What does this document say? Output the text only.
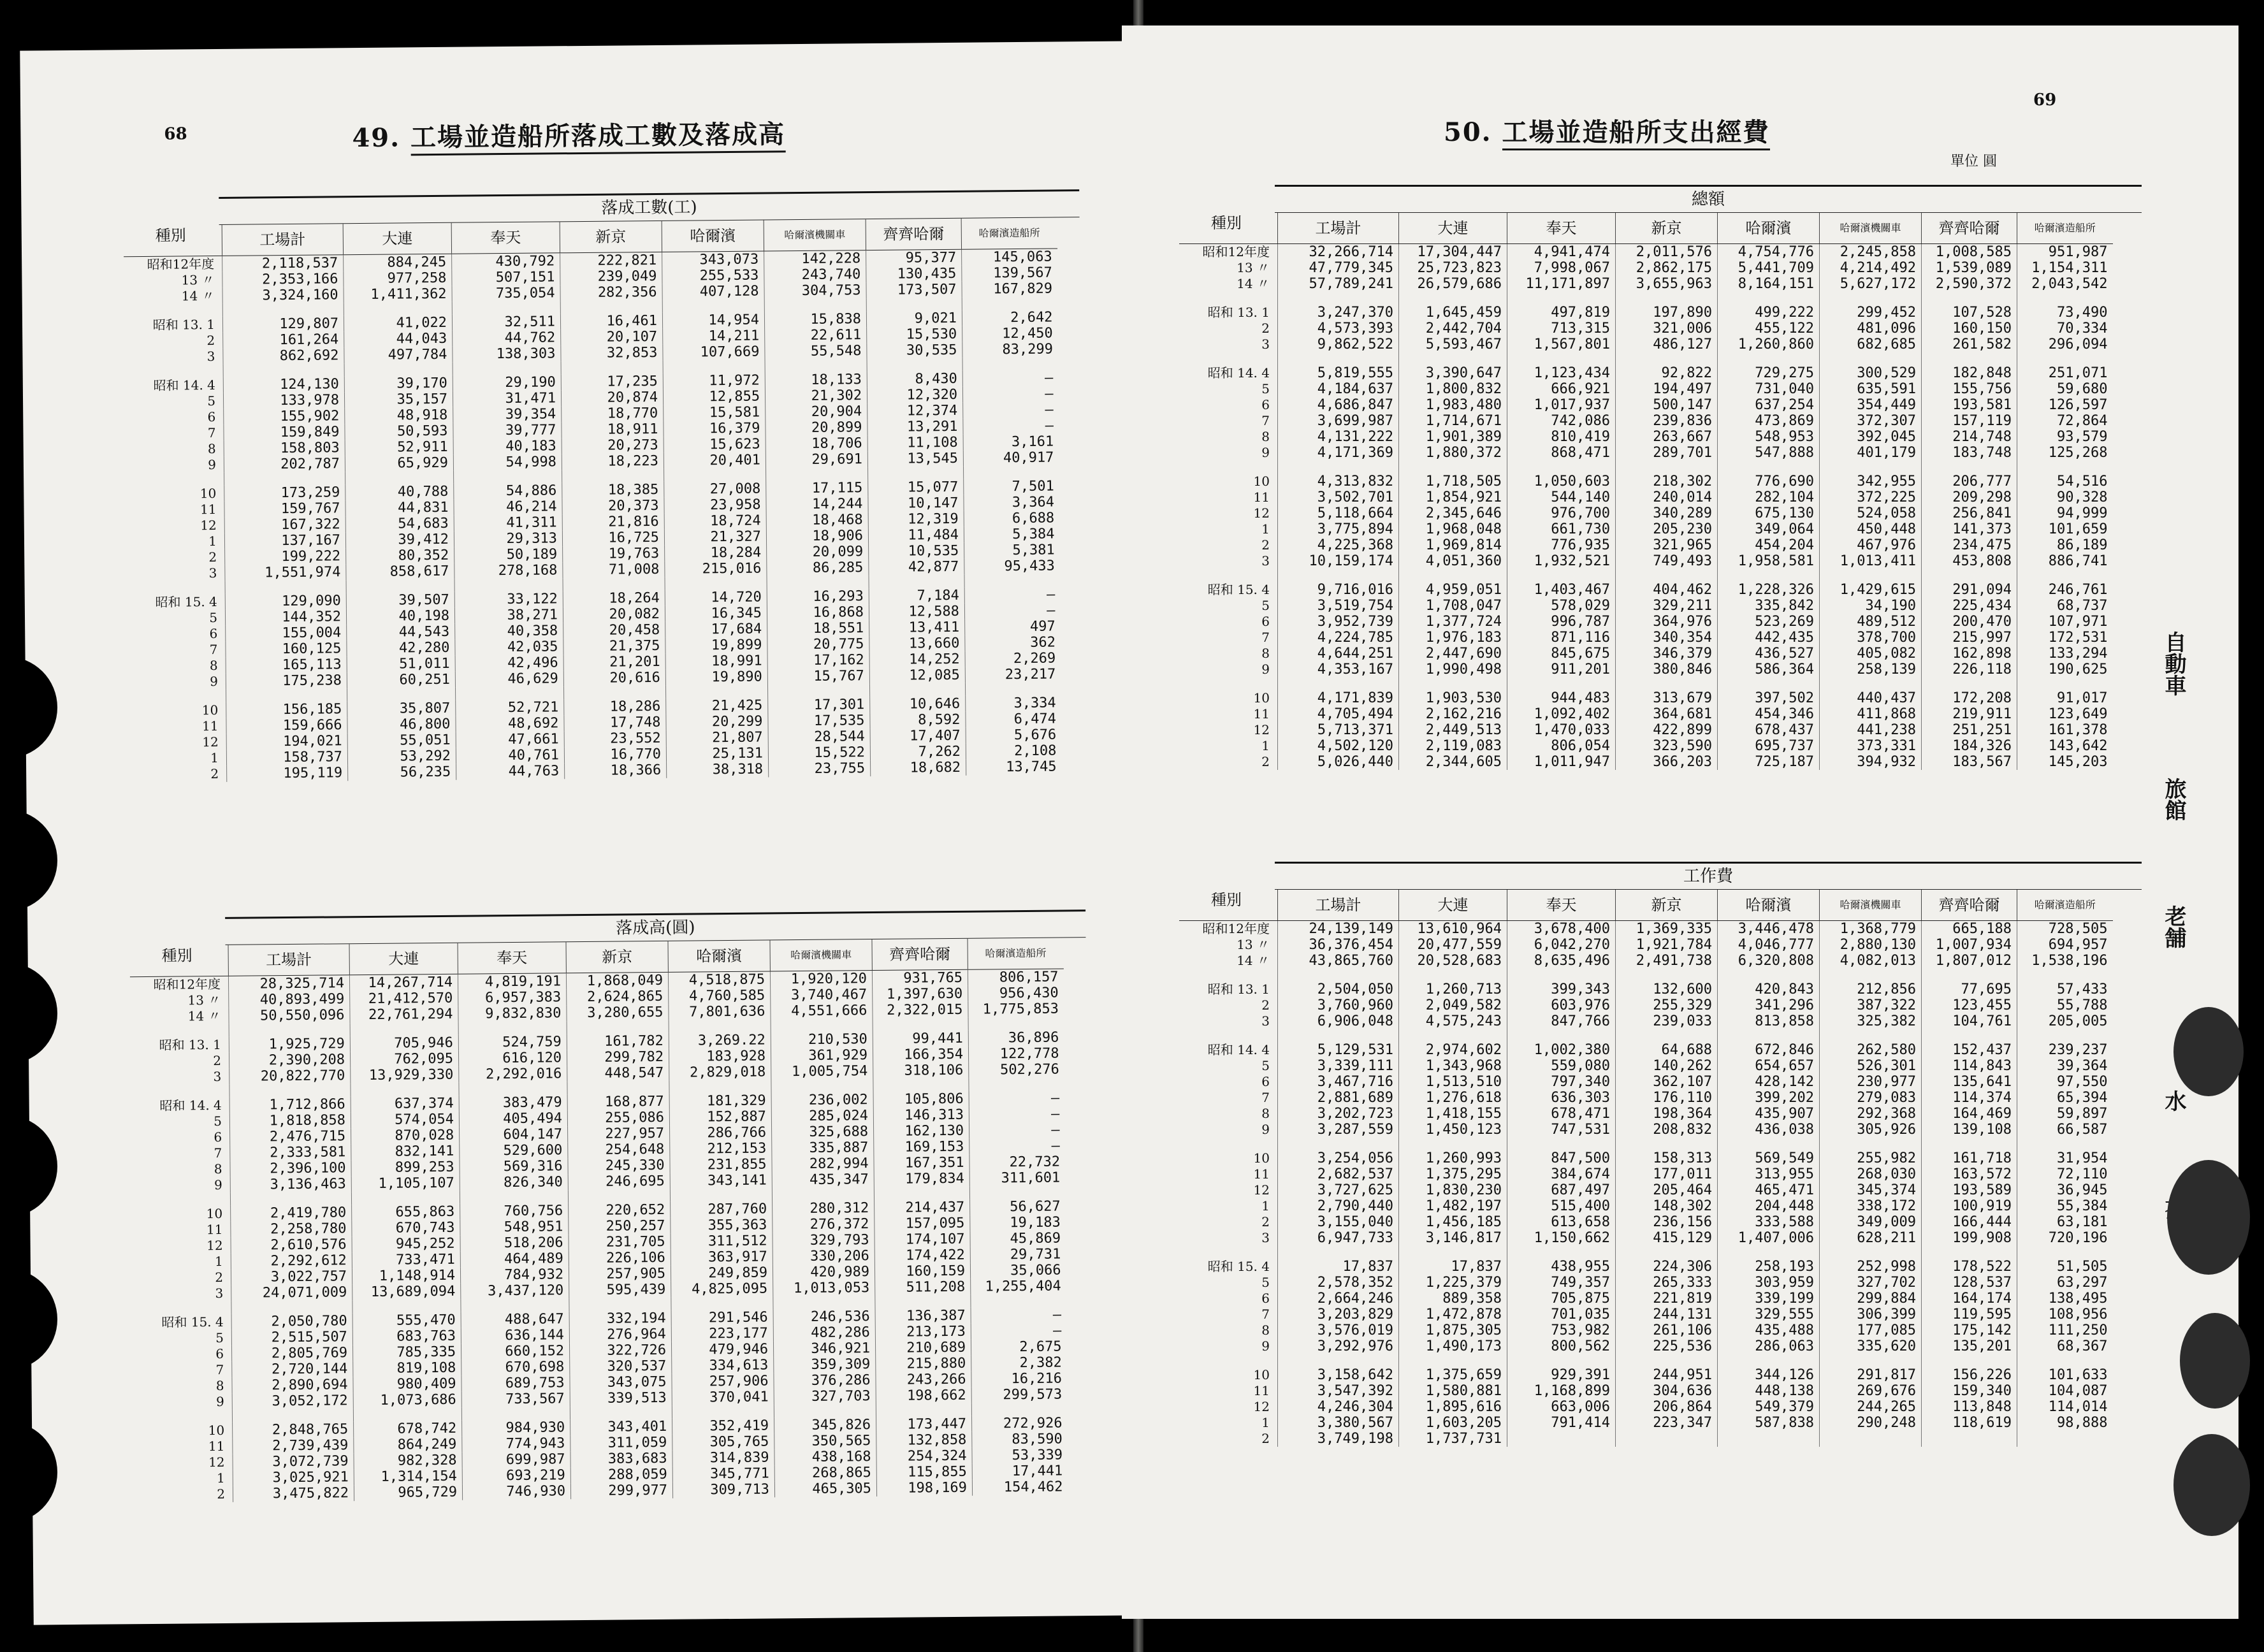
68	49. 工場並造船所落成工數及落成高
落成工數(工)
種別
		工場計	大連	奉天	新京	哈爾濱	哈爾濱機關車	齊齊哈爾	哈爾濱造船所
昭和12年度	2,118,537	884,245	430,792	222,821	343,073	142,228	95,377	145,063
13 〃	2,353,166	977,258	507,151	239,049	255,533	243,740	130,435	139,567
14 〃	3,324,160	1,411,362	735,054	282,356	407,128	304,753	173,507	167,829

昭和 13. 1	129,807	41,022	32,511	16,461	14,954	15,838	9,021	2,642
2	161,264	44,043	44,762	20,107	14,211	22,611	15,530	12,450
3	862,692	497,784	138,303	32,853	107,669	55,548	30,535	83,299

昭和 14. 4	124,130	39,170	29,190	17,235	11,972	18,133	8,430	—
5	133,978	35,157	31,471	20,874	12,855	21,302	12,320	—
6	155,902	48,918	39,354	18,770	15,581	20,904	12,374	—
7	159,849	50,593	39,777	18,911	16,379	20,899	13,291	—
8	158,803	52,911	40,183	20,273	15,623	18,706	11,108	3,161
9	202,787	65,929	54,998	18,223	20,401	29,691	13,545	40,917

10	173,259	40,788	54,886	18,385	27,008	17,115	15,077	7,501
11	159,767	44,831	46,214	20,373	23,958	14,244	10,147	3,364
12	167,322	54,683	41,311	21,816	18,724	18,468	12,319	6,688
1	137,167	39,412	29,313	16,725	21,327	18,906	11,484	5,384
2	199,222	80,352	50,189	19,763	18,284	20,099	10,535	5,381
3	1,551,974	858,617	278,168	71,008	215,016	86,285	42,877	95,433

昭和 15. 4	129,090	39,507	33,122	18,264	14,720	16,293	7,184	—
5	144,352	40,198	38,271	20,082	16,345	16,868	12,588	—
6	155,004	44,543	40,358	20,458	17,684	18,551	13,411	497
7	160,125	42,280	42,035	21,375	19,899	20,775	13,660	362
8	165,113	51,011	42,496	21,201	18,991	17,162	14,252	2,269
9	175,238	60,251	46,629	20,616	19,890	15,767	12,085	23,217

10	156,185	35,807	52,721	18,286	21,425	17,301	10,646	3,334
11	159,666	46,800	48,692	17,748	20,299	17,535	8,592	6,474
12	194,021	55,051	47,661	23,552	21,807	28,544	17,407	5,676
1	158,737	53,292	40,761	16,770	25,131	15,522	7,262	2,108
2	195,119	56,235	44,763	18,366	38,318	23,755	18,682	13,745
落成高(圓)
種別
		工場計	大連	奉天	新京	哈爾濱	哈爾濱機關車	齊齊哈爾	哈爾濱造船所
昭和12年度	28,325,714	14,267,714	4,819,191	1,868,049	4,518,875	1,920,120	931,765	806,157
13 〃	40,893,499	21,412,570	6,957,383	2,624,865	4,760,585	3,740,467	1,397,630	956,430
14 〃	50,550,096	22,761,294	9,832,830	3,280,655	7,801,636	4,551,666	2,322,015	1,775,853

昭和 13. 1	1,925,729	705,946	524,759	161,782	3,269.22	210,530	99,441	36,896
2	2,390,208	762,095	616,120	299,782	183,928	361,929	166,354	122,778
3	20,822,770	13,929,330	2,292,016	448,547	2,829,018	1,005,754	318,106	502,276

昭和 14. 4	1,712,866	637,374	383,479	168,877	181,329	236,002	105,806	—
5	1,818,858	574,054	405,494	255,086	152,887	285,024	146,313	—
6	2,476,715	870,028	604,147	227,957	286,766	325,688	162,130	—
7	2,333,581	832,141	529,600	254,648	212,153	335,887	169,153	—
8	2,396,100	899,253	569,316	245,330	231,855	282,994	167,351	22,732
9	3,136,463	1,105,107	826,340	246,695	343,141	435,347	179,834	311,601

10	2,419,780	655,863	760,756	220,652	287,760	280,312	214,437	56,627
11	2,258,780	670,743	548,951	250,257	355,363	276,372	157,095	19,183
12	2,610,576	945,252	518,206	231,705	311,512	329,793	174,107	45,869
1	2,292,612	733,471	464,489	226,106	363,917	330,206	174,422	29,731
2	3,022,757	1,148,914	784,932	257,905	249,859	420,989	160,159	35,066
3	24,071,009	13,689,094	3,437,120	595,439	4,825,095	1,013,053	511,208	1,255,404

昭和 15. 4	2,050,780	555,470	488,647	332,194	291,546	246,536	136,387	—
5	2,515,507	683,763	636,144	276,964	223,177	482,286	213,173	—
6	2,805,769	785,335	660,152	322,726	479,946	346,921	210,689	2,675
7	2,720,144	819,108	670,698	320,537	334,613	359,309	215,880	2,382
8	2,890,694	980,409	689,753	343,075	257,906	376,286	243,266	16,216
9	3,052,172	1,073,686	733,567	339,513	370,041	327,703	198,662	299,573

10	2,848,765	678,742	984,930	343,401	352,419	345,826	173,447	272,926
11	2,739,439	864,249	774,943	311,059	305,765	350,565	132,858	83,590
12	3,072,739	982,328	699,987	383,683	314,839	438,168	254,324	53,339
1	3,025,921	1,314,154	693,219	288,059	345,771	268,865	115,855	17,441
2	3,475,822	965,729	746,930	299,977	309,713	465,305	198,169	154,462
69
50. 工場並造船所支出經費
單位 圓
總額
種別
		工場計	大連	奉天	新京	哈爾濱	哈爾濱機關車	齊齊哈爾	哈爾濱造船所
昭和12年度	32,266,714	17,304,447	4,941,474	2,011,576	4,754,776	2,245,858	1,008,585	951,987
13 〃	47,779,345	25,723,823	7,998,067	2,862,175	5,441,709	4,214,492	1,539,089	1,154,311
14 〃	57,789,241	26,579,686	11,171,897	3,655,963	8,164,151	5,627,172	2,590,372	2,043,542

昭和 13. 1	3,247,370	1,645,459	497,819	197,890	499,222	299,452	107,528	73,490
2	4,573,393	2,442,704	713,315	321,006	455,122	481,096	160,150	70,334
3	9,862,522	5,593,467	1,567,801	486,127	1,260,860	682,685	261,582	296,094

昭和 14. 4	5,819,555	3,390,647	1,123,434	92,822	729,275	300,529	182,848	251,071
5	4,184,637	1,800,832	666,921	194,497	731,040	635,591	155,756	59,680
6	4,686,847	1,983,480	1,017,937	500,147	637,254	354,449	193,581	126,597
7	3,699,987	1,714,671	742,086	239,836	473,869	372,307	157,119	72,864
8	4,131,222	1,901,389	810,419	263,667	548,953	392,045	214,748	93,579
9	4,171,369	1,880,372	868,471	289,701	547,888	401,179	183,748	125,268

10	4,313,832	1,718,505	1,050,603	218,302	776,690	342,955	206,777	54,516
11	3,502,701	1,854,921	544,140	240,014	282,104	372,225	209,298	90,328
12	5,118,664	2,345,646	976,700	340,289	675,130	524,058	256,841	94,999
1	3,775,894	1,968,048	661,730	205,230	349,064	450,448	141,373	101,659
2	4,225,368	1,969,814	776,935	321,965	454,204	467,976	234,475	86,189
3	10,159,174	4,051,360	1,932,521	749,493	1,958,581	1,013,411	453,808	886,741

昭和 15. 4	9,716,016	4,959,051	1,403,467	404,462	1,228,326	1,429,615	291,094	246,761
5	3,519,754	1,708,047	578,029	329,211	335,842	34,190	225,434	68,737
6	3,952,739	1,377,724	996,787	364,976	523,269	489,512	200,470	107,971
7	4,224,785	1,976,183	871,116	340,354	442,435	378,700	215,997	172,531
8	4,644,251	2,447,690	845,675	346,379	436,527	405,082	162,898	133,294
9	4,353,167	1,990,498	911,201	380,846	586,364	258,139	226,118	190,625

10	4,171,839	1,903,530	944,483	313,679	397,502	440,437	172,208	91,017
11	4,705,494	2,162,216	1,092,402	364,681	454,346	411,868	219,911	123,649
12	5,713,371	2,449,513	1,470,033	422,899	678,437	441,238	251,251	161,378
1	4,502,120	2,119,083	806,054	323,590	695,737	373,331	184,326	143,642
2	5,026,440	2,344,605	1,011,947	366,203	725,187	394,932	183,567	145,203
工作費
種別
		工場計	大連	奉天	新京	哈爾濱	哈爾濱機關車	齊齊哈爾	哈爾濱造船所
昭和12年度	24,139,149	13,610,964	3,678,400	1,369,335	3,446,478	1,368,779	665,188	728,505
13 〃	36,376,454	20,477,559	6,042,270	1,921,784	4,046,777	2,880,130	1,007,934	694,957
14 〃	43,865,760	20,528,683	8,635,496	2,491,738	6,320,808	4,082,013	1,807,012	1,538,196

昭和 13. 1	2,504,050	1,260,713	399,343	132,600	420,843	212,856	77,695	57,433
2	3,760,960	2,049,582	603,976	255,329	341,296	387,322	123,455	55,788
3	6,906,048	4,575,243	847,766	239,033	813,858	325,382	104,761	205,005

昭和 14. 4	5,129,531	2,974,602	1,002,380	64,688	672,846	262,580	152,437	239,237
5	3,339,111	1,343,968	559,080	140,262	654,657	526,301	114,843	39,364
6	3,467,716	1,513,510	797,340	362,107	428,142	230,977	135,641	97,550
7	2,881,689	1,276,618	636,303	176,110	399,202	279,083	114,374	65,394
8	3,202,723	1,418,155	678,471	198,364	435,907	292,368	164,469	59,897
9	3,287,559	1,450,123	747,531	208,832	436,038	305,926	139,108	66,587

10	3,254,056	1,260,993	847,500	158,313	569,549	255,982	161,718	31,954
11	2,682,537	1,375,295	384,674	177,011	313,955	268,030	163,572	72,110
12	3,727,625	1,830,230	687,497	205,464	465,471	345,374	193,589	36,945
1	2,790,440	1,482,197	515,400	148,302	204,448	338,172	100,919	55,384
2	3,155,040	1,456,185	613,658	236,156	333,588	349,009	166,444	63,181
3	6,947,733	3,146,817	1,150,662	415,129	1,407,006	628,211	199,908	720,196

昭和 15. 4	17,837	17,837	438,955	224,306	258,193	252,998	178,522	51,505
5	2,578,352	1,225,379	749,357	265,333	303,959	327,702	128,537	63,297
6	2,664,246	889,358	705,875	221,819	339,199	299,884	164,174	138,495
7	3,203,829	1,472,878	701,035	244,131	329,555	306,399	119,595	108,956
8	3,576,019	1,875,305	753,982	261,106	435,488	177,085	175,142	111,250
9	3,292,976	1,490,173	800,562	225,536	286,063	335,620	135,201	68,367

10	3,158,642	1,375,659	929,391	244,951	344,126	291,817	156,226	101,633
11	3,547,392	1,580,881	1,168,899	304,636	448,138	269,676	159,340	104,087
12	4,246,304	1,895,616	663,006	206,864	549,379	244,265	113,848	114,014
1	3,380,567	1,603,205	791,414	223,347	587,838	290,248	118,619	98,888
2	3,749,198	1,737,731						
自動車
旅館
老舗
水
